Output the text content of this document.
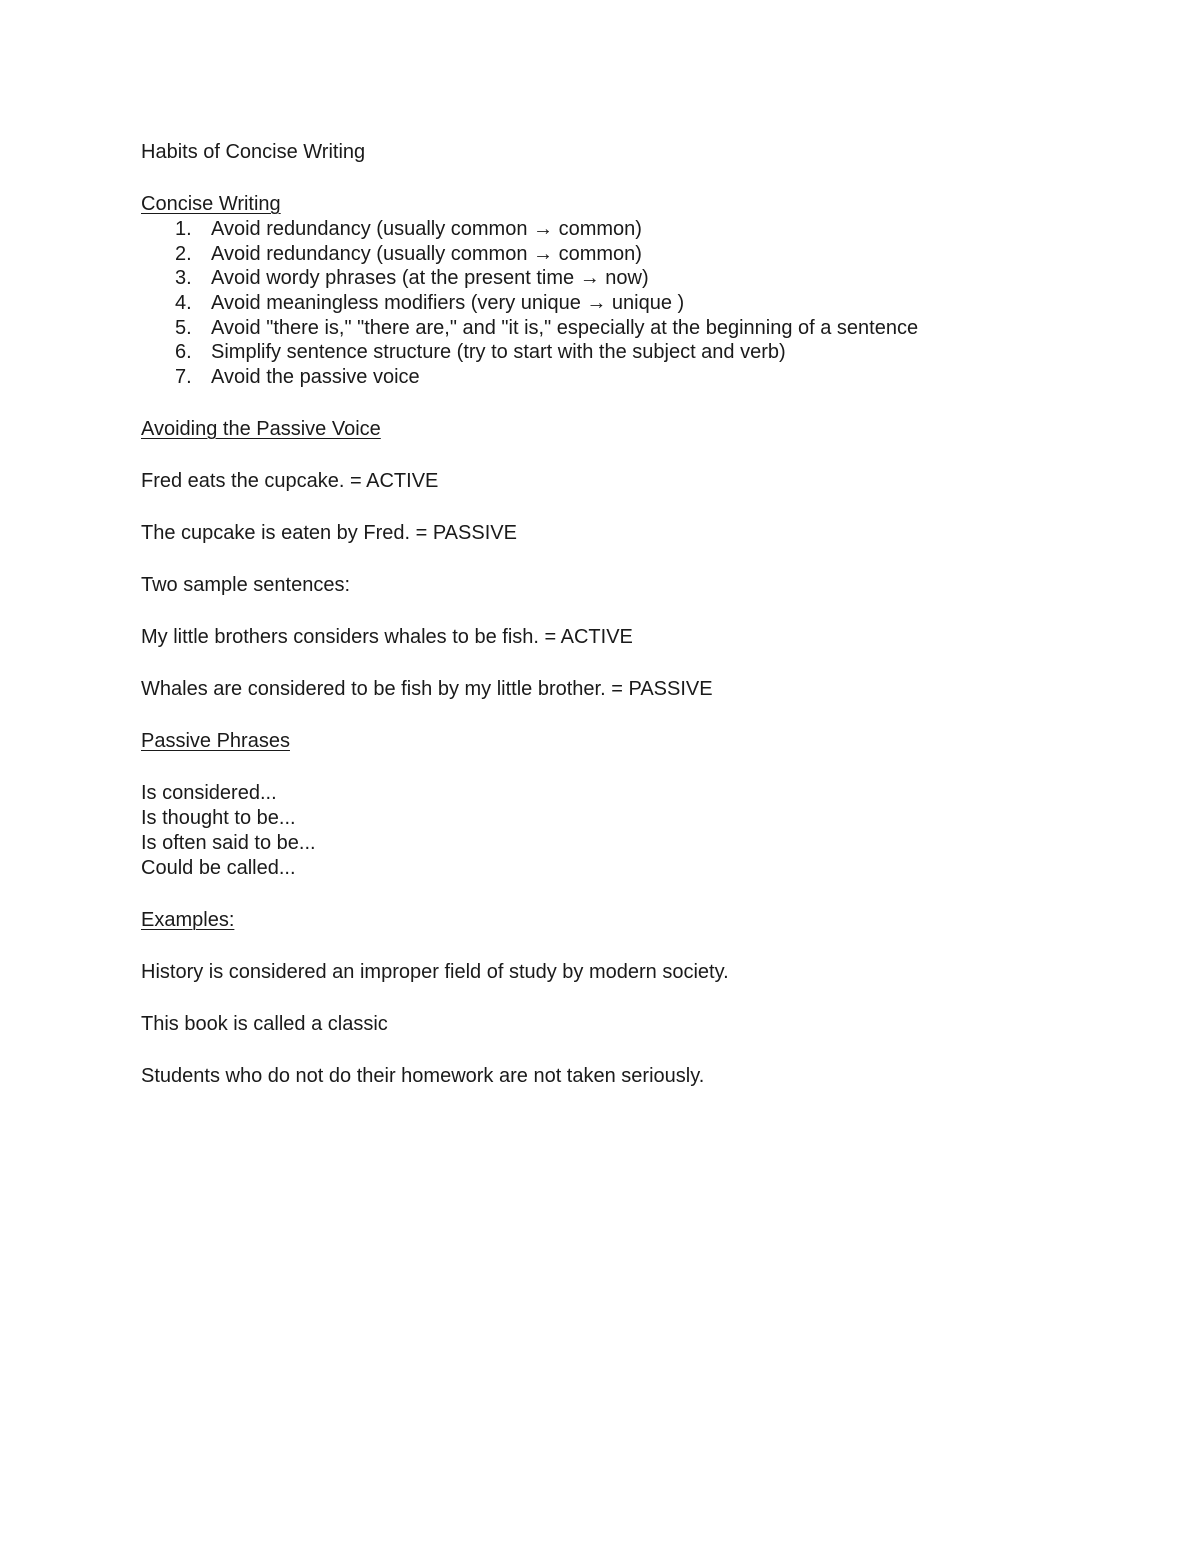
Habits of Concise Writing

Concise Writing

1. Avoid redundancy (usually common → common)
2. Avoid redundancy (usually common → common)
3. Avoid wordy phrases (at the present time → now)
4. Avoid meaningless modifiers (very unique → unique )
5. Avoid "there is," "there are," and "it is," especially at the beginning of a sentence
6. Simplify sentence structure (try to start with the subject and verb)
7. Avoid the passive voice

Avoiding the Passive Voice

Fred eats the cupcake. = ACTIVE

The cupcake is eaten by Fred. = PASSIVE

Two sample sentences:

My little brothers considers whales to be fish. = ACTIVE

Whales are considered to be fish by my little brother. = PASSIVE

Passive Phrases

Is considered...

Is thought to be...

Is often said to be...

Could be called...

Examples:

History is considered an improper field of study by modern society.

This book is called a classic

Students who do not do their homework are not taken seriously.
